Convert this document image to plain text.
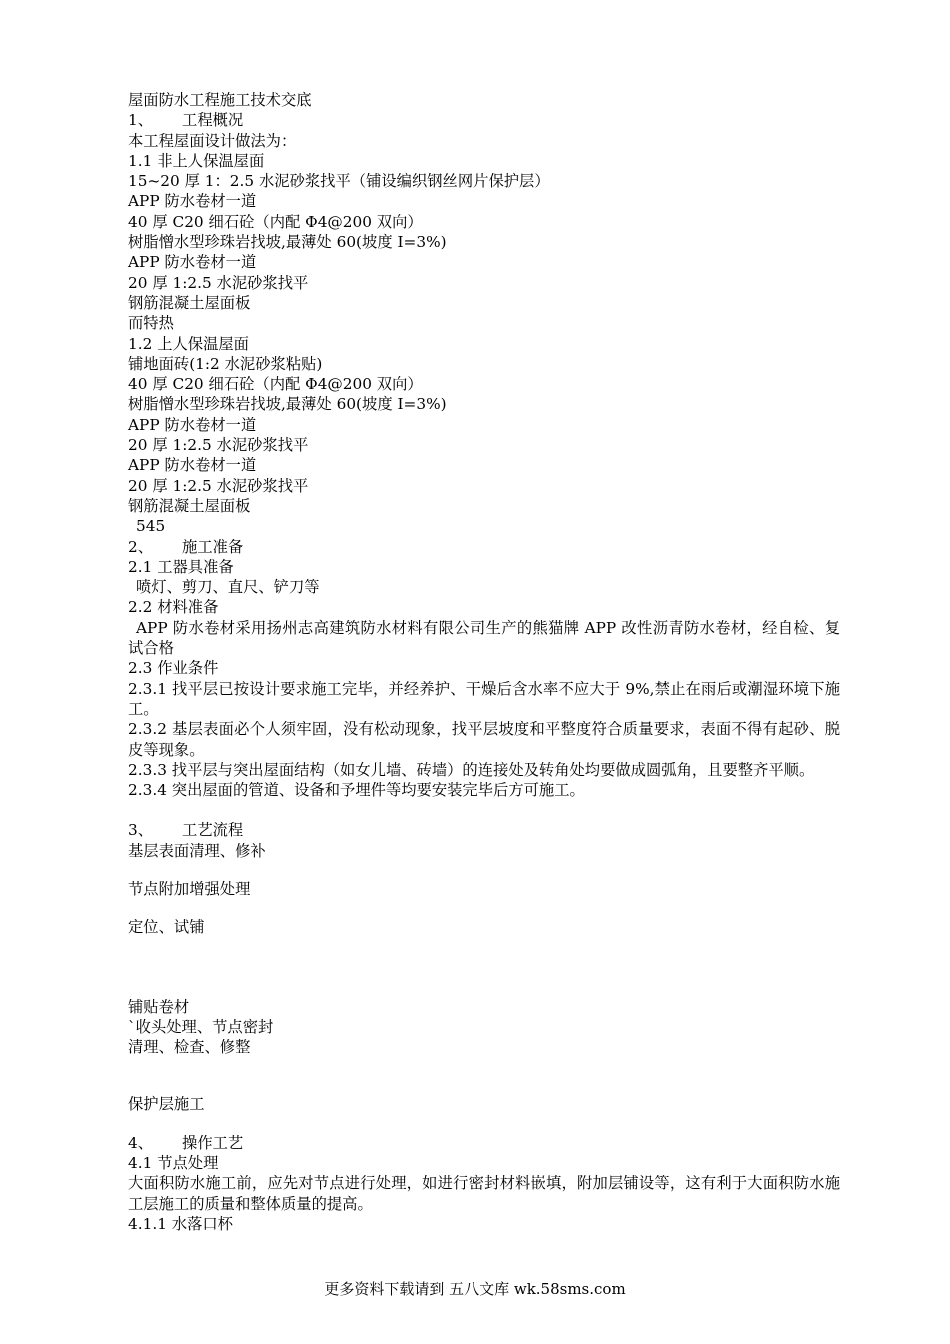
屋面防水工程施工技术交底

1、 工程概况

本工程屋面设计做法为：

1.1 非上人保温屋面

15~20 厚 1：2.5 水泥砂浆找平（铺设编织钢丝网片保护层）

APP 防水卷材一道

40 厚 C20 细石砼（内配 Φ4@200 双向）

树脂憎水型珍珠岩找坡,最薄处 60(坡度 I=3%)

APP 防水卷材一道

20 厚 1:2.5 水泥砂浆找平

钢筋混凝土屋面板

而特热

1.2 上人保温屋面

铺地面砖(1:2 水泥砂浆粘贴)

40 厚 C20 细石砼（内配 Φ4@200 双向）

树脂憎水型珍珠岩找坡,最薄处 60(坡度 I=3%)

APP 防水卷材一道

20 厚 1:2.5 水泥砂浆找平

APP 防水卷材一道

20 厚 1:2.5 水泥砂浆找平

钢筋混凝土屋面板

545

2、 施工准备

2.1 工器具准备

喷灯、剪刀、直尺、铲刀等

2.2 材料准备

APP 防水卷材采用扬州志高建筑防水材料有限公司生产的熊猫牌 APP 改性沥青防水卷材，经自检、复试合格

2.3 作业条件

2.3.1 找平层已按设计要求施工完毕，并经养护、干燥后含水率不应大于 9%,禁止在雨后或潮湿环境下施工。

2.3.2 基层表面必个人须牢固，没有松动现象，找平层坡度和平整度符合质量要求，表面不得有起砂、脱皮等现象。

2.3.3 找平层与突出屋面结构（如女儿墙、砖墙）的连接处及转角处均要做成圆弧角，且要整齐平顺。

2.3.4 突出屋面的管道、设备和予埋件等均要安装完毕后方可施工。

3、 工艺流程

基层表面清理、修补

节点附加增强处理

定位、试铺

铺贴卷材

`收头处理、节点密封

清理、检查、修整

保护层施工

4、 操作工艺

4.1 节点处理

大面积防水施工前，应先对节点进行处理，如进行密封材料嵌填，附加层铺设等，这有利于大面积防水施工层施工的质量和整体质量的提高。

4.1.1 水落口杯

更多资料下载请到 五八文库 wk.58sms.com
